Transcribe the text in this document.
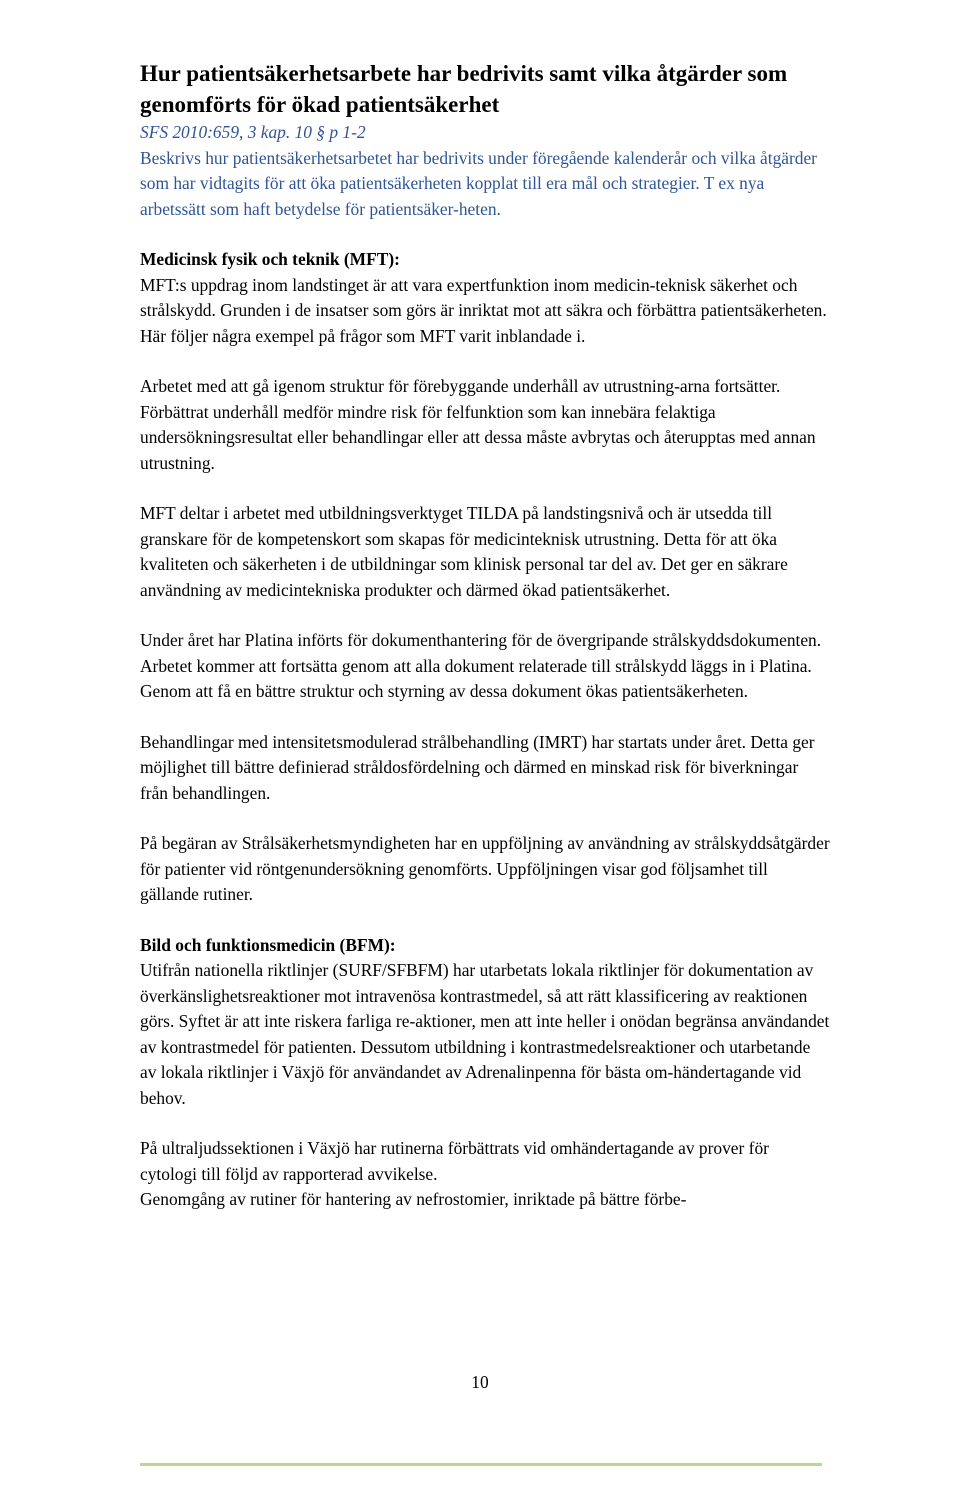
Hur patientsäkerhetsarbete har bedrivits samt vilka åtgärder som genomförts för ökad patientsäkerhet
SFS 2010:659, 3 kap. 10 § p 1-2
Beskrivs hur patientsäkerhetsarbetet har bedrivits under föregående kalenderår och vilka åtgärder som har vidtagits för att öka patientsäkerheten kopplat till era mål och strategier. T ex nya arbetssätt som haft betydelse för patientsäker-heten.
Medicinsk fysik och teknik (MFT):

MFT:s uppdrag inom landstinget är att vara expertfunktion inom medicin-teknisk säkerhet och strålskydd. Grunden i de insatser som görs är inriktat mot att säkra och förbättra patientsäkerheten. Här följer några exempel på frågor som MFT varit inblandade i.

Arbetet med att gå igenom struktur för förebyggande underhåll av utrustning-arna fortsätter. Förbättrat underhåll medför mindre risk för felfunktion som kan innebära felaktiga undersökningsresultat eller behandlingar eller att dessa måste avbrytas och återupptas med annan utrustning.

MFT deltar i arbetet med utbildningsverktyget TILDA på landstingsnivå och är utsedda till granskare för de kompetenskort som skapas för medicinteknisk utrustning. Detta för att öka kvaliteten och säkerheten i de utbildningar som klinisk personal tar del av. Det ger en säkrare användning av medicintekniska produkter och därmed ökad patientsäkerhet.

Under året har Platina införts för dokumenthantering för de övergripande strålskyddsdokumenten. Arbetet kommer att fortsätta genom att alla dokument relaterade till strålskydd läggs in i Platina. Genom att få en bättre struktur och styrning av dessa dokument ökas patientsäkerheten.

Behandlingar med intensitetsmodulerad strålbehandling (IMRT) har startats under året. Detta ger möjlighet till bättre definierad stråldosfördelning och därmed en minskad risk för biverkningar från behandlingen.

På begäran av Strålsäkerhetsmyndigheten har en uppföljning av användning av strålskyddsåtgärder för patienter vid röntgenundersökning genomförts. Uppföljningen visar god följsamhet till gällande rutiner.

Bild och funktionsmedicin (BFM):

Utifrån nationella riktlinjer (SURF/SFBFM) har utarbetats lokala riktlinjer för dokumentation av överkänslighetsreaktioner mot intravenösa kontrastmedel, så att rätt klassificering av reaktionen görs. Syftet är att inte riskera farliga re-aktioner, men att inte heller i onödan begränsa användandet av kontrastmedel för patienten. Dessutom utbildning i kontrastmedelsreaktioner och utarbetande av lokala riktlinjer i Växjö för användandet av Adrenalinpenna för bästa om-händertagande vid behov.

På ultraljudssektionen i Växjö har rutinerna förbättrats vid omhändertagande av prover för cytologi till följd av rapporterad avvikelse.

Genomgång av rutiner för hantering av nefrostomier, inriktade på bättre förbe-

10
